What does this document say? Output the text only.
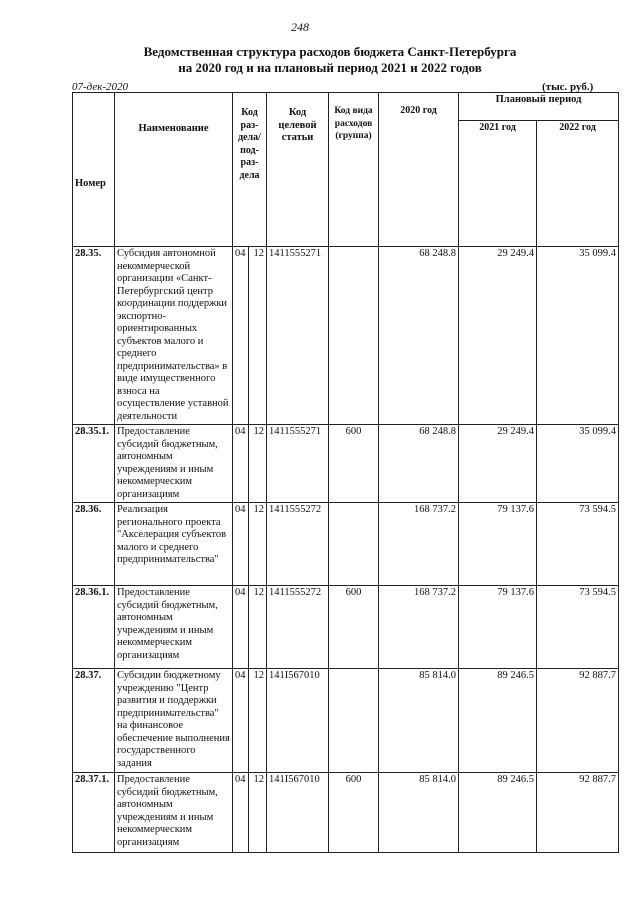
248
Ведомственная структура расходов бюджета Санкт-Петербурга
на 2020 год и на плановый период 2021 и 2022 годов
07-дек-2020	(тыс. руб.)
Номер	Наименование	Код раз-дела/ под-раз-дела		Код целевой статьи	Код вида расходов (группа)	2020 год	Плановый период	
							2021 год	2022 год
28.35.	Субсидия автономной некоммерческой организации «Санкт-Петербургский центр координации поддержки экспортно-ориентированных субъектов малого и среднего предпринимательства» в виде имущественного взноса на осуществление уставной деятельности	04	12	1411555271		68 248.8	29 249.4	35 099.4
28.35.1.	Предоставление субсидий бюджетным, автономным учреждениям и иным некоммерческим организациям	04	12	1411555271	600	68 248.8	29 249.4	35 099.4
28.36.	Реализация регионального проекта "Акселерация субъектов малого и среднего предпринимательства"	04	12	1411555272		168 737.2	79 137.6	73 594.5
28.36.1.	Предоставление субсидий бюджетным, автономным учреждениям и иным некоммерческим организациям	04	12	1411555272	600	168 737.2	79 137.6	73 594.5
28.37.	Субсидии бюджетному учреждению "Центр развития и поддержки предпринимательства" на финансовое обеспечение выполнения государственного задания	04	12	141I567010		85 814.0	89 246.5	92 887.7
28.37.1.	Предоставление субсидий бюджетным, автономным учреждениям и иным некоммерческим организациям	04	12	141I567010	600	85 814.0	89 246.5	92 887.7
